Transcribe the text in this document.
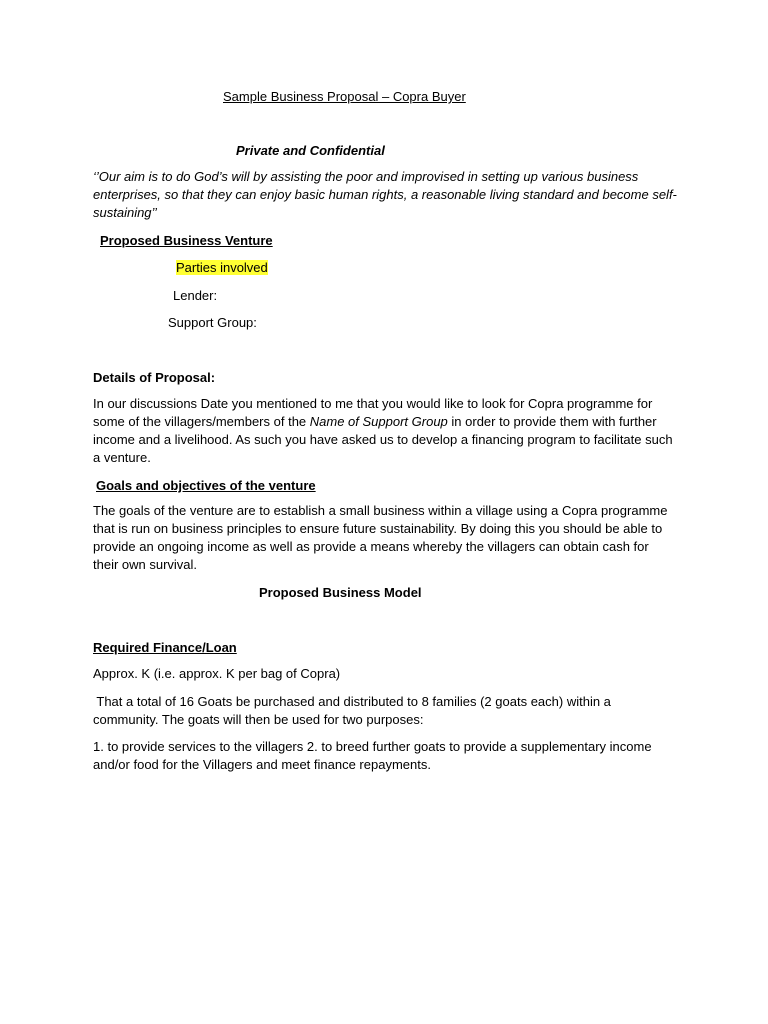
Sample Business Proposal – Copra Buyer
Private and Confidential

‘’Our aim is to do God’s will by assisting the poor and improvised in setting up various business

enterprises, so that they can enjoy basic human rights, a reasonable living standard and become self-

sustaining’’

Proposed Business Venture
Parties involved
Lender:
Support Group:
Details of Proposal:

In our discussions Date you mentioned to me that you would like to look for Copra programme for

some of the villagers/members of the Name of Support Group in order to provide them with further

income and a livelihood. As such you have asked us to develop a financing program to facilitate such

a venture.

Goals and objectives of the venture

The goals of the venture are to establish a small business within a village using a Copra programme

that is run on business principles to ensure future sustainability. By doing this you should be able to

provide an ongoing income as well as provide a means whereby the villagers can obtain cash for

their own survival.

Proposed Business Model
Required Finance/Loan
Approx. K (i.e. approx. K per bag of Copra)

That a total of 16 Goats be purchased and distributed to 8 families (2 goats each) within a

community. The goats will then be used for two purposes:

1. to provide services to the villagers 2. to breed further goats to provide a supplementary income

and/or food for the Villagers and meet finance repayments.
